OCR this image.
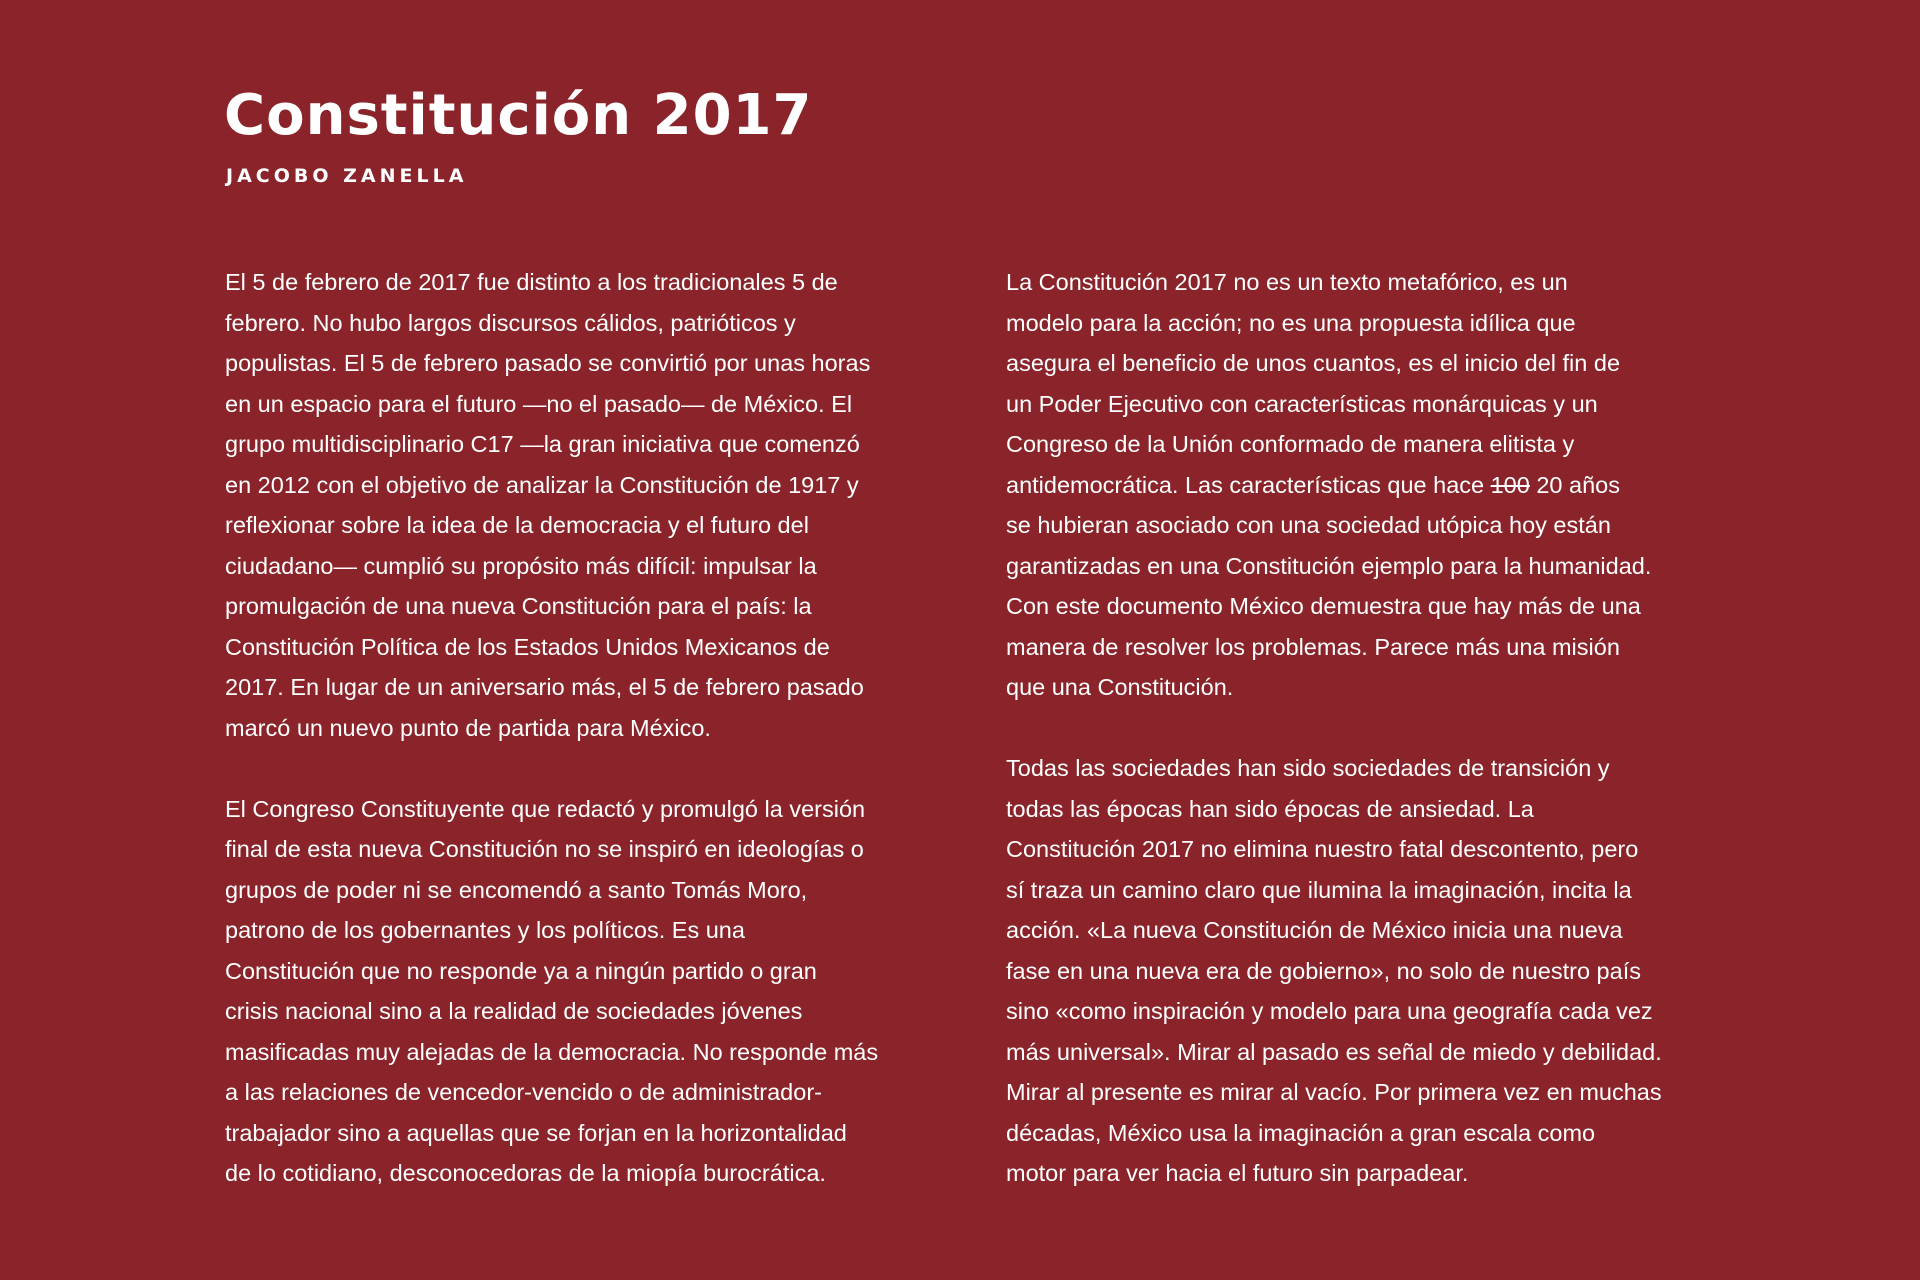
Constitución 2017
JACOBO ZANELLA

El 5 de febrero de 2017 fue distinto a los tradicionales 5 de
febrero. No hubo largos discursos cálidos, patrióticos y
populistas. El 5 de febrero pasado se convirtió por unas horas
en un espacio para el futuro —no el pasado— de México. El
grupo multidisciplinario C17 —la gran iniciativa que comenzó
en 2012 con el objetivo de analizar la Constitución de 1917 y
reflexionar sobre la idea de la democracia y el futuro del
ciudadano— cumplió su propósito más difícil: impulsar la
promulgación de una nueva Constitución para el país: la
Constitución Política de los Estados Unidos Mexicanos de
2017. En lugar de un aniversario más, el 5 de febrero pasado
marcó un nuevo punto de partida para México.

El Congreso Constituyente que redactó y promulgó la versión
final de esta nueva Constitución no se inspiró en ideologías o
grupos de poder ni se encomendó a santo Tomás Moro,
patrono de los gobernantes y los políticos. Es una
Constitución que no responde ya a ningún partido o gran
crisis nacional sino a la realidad de sociedades jóvenes
masificadas muy alejadas de la democracia. No responde más
a las relaciones de vencedor-vencido o de administrador-
trabajador sino a aquellas que se forjan en la horizontalidad
de lo cotidiano, desconocedoras de la miopía burocrática.

La Constitución 2017 no es un texto metafórico, es un
modelo para la acción; no es una propuesta idílica que
asegura el beneficio de unos cuantos, es el inicio del fin de
un Poder Ejecutivo con características monárquicas y un
Congreso de la Unión conformado de manera elitista y
antidemocrática. Las características que hace 100 20 años
se hubieran asociado con una sociedad utópica hoy están
garantizadas en una Constitución ejemplo para la humanidad.
Con este documento México demuestra que hay más de una
manera de resolver los problemas. Parece más una misión
que una Constitución.

Todas las sociedades han sido sociedades de transición y
todas las épocas han sido épocas de ansiedad. La
Constitución 2017 no elimina nuestro fatal descontento, pero
sí traza un camino claro que ilumina la imaginación, incita la
acción. «La nueva Constitución de México inicia una nueva
fase en una nueva era de gobierno», no solo de nuestro país
sino «como inspiración y modelo para una geografía cada vez
más universal». Mirar al pasado es señal de miedo y debilidad.
Mirar al presente es mirar al vacío. Por primera vez en muchas
décadas, México usa la imaginación a gran escala como
motor para ver hacia el futuro sin parpadear.
